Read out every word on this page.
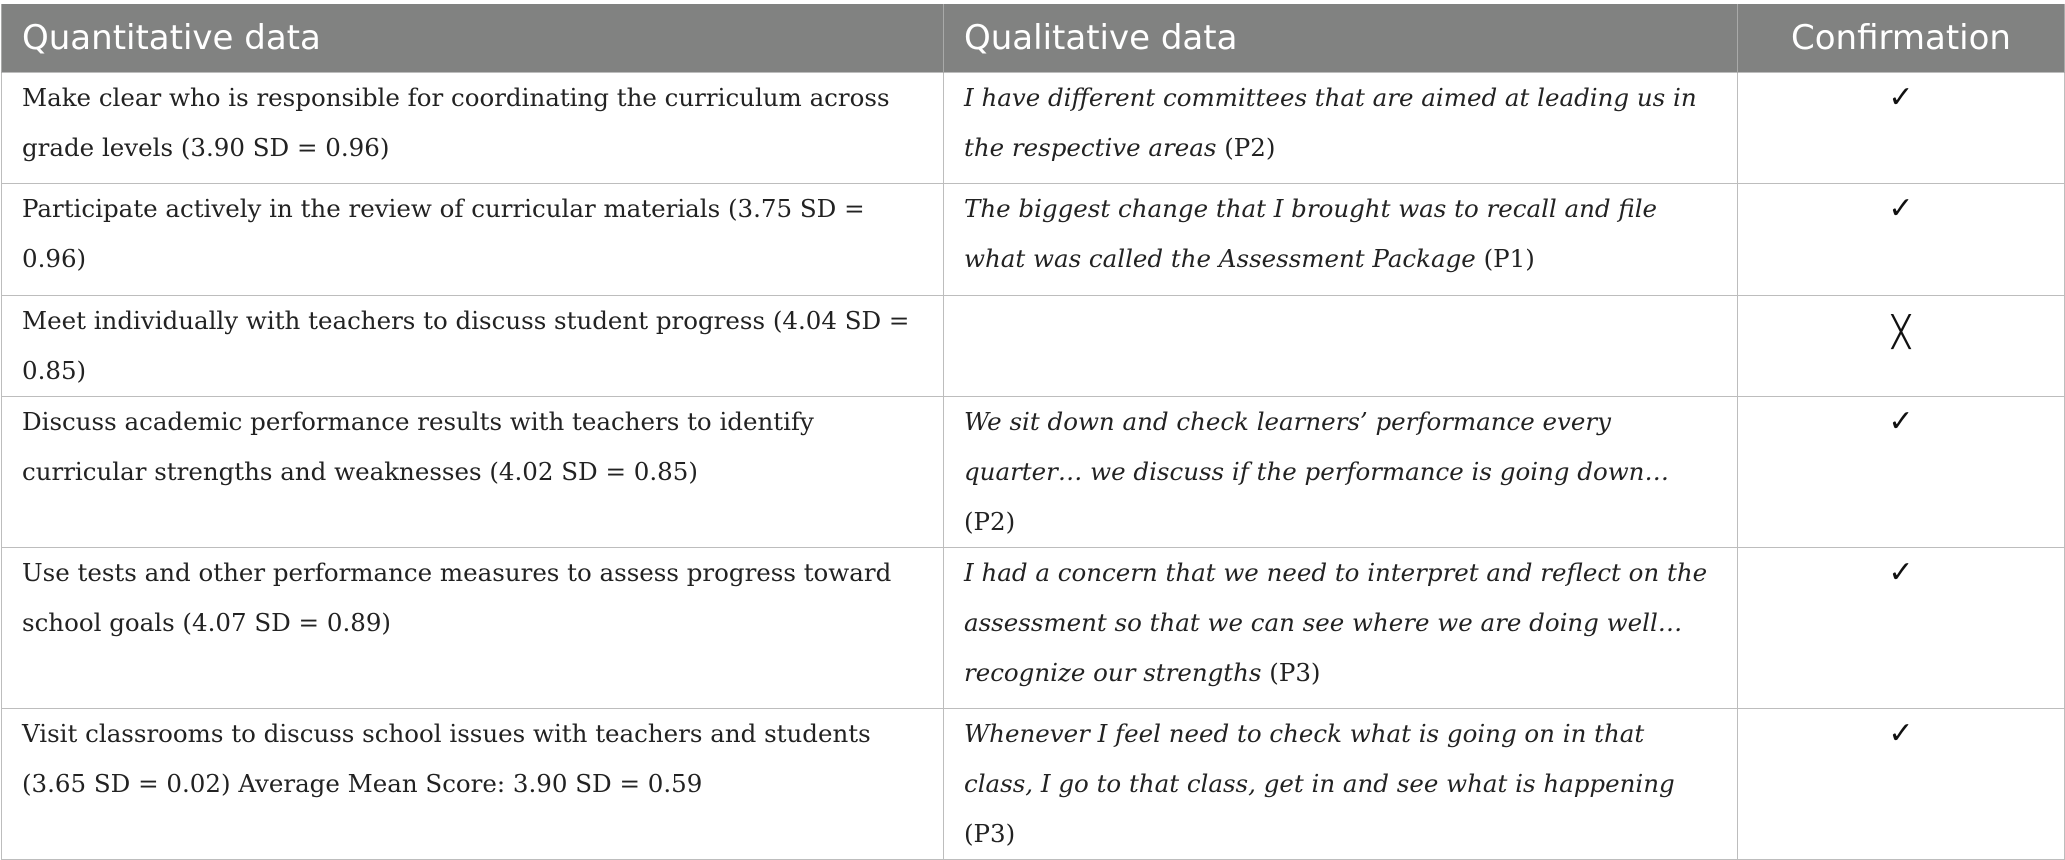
Quantitative data	Qualitative data	Confirmation
Make clear who is responsible for coordinating the curriculum across grade levels (3.90 SD = 0.96)	I have different committees that are aimed at leading us in the respective areas (P2)	✓
Participate actively in the review of curricular materials (3.75 SD = 0.96)	The biggest change that I brought was to recall and file what was called the Assessment Package (P1)	✓
Meet individually with teachers to discuss student progress (4.04 SD = 0.85)		╳
Discuss academic performance results with teachers to identify curricular strengths and weaknesses (4.02 SD = 0.85)	We sit down and check learners’ performance every quarter… we discuss if the performance is going down… (P2)	✓
Use tests and other performance measures to assess progress toward school goals (4.07 SD = 0.89)	I had a concern that we need to interpret and reflect on the assessment so that we can see where we are doing well… recognize our strengths (P3)	✓
Visit classrooms to discuss school issues with teachers and students (3.65 SD = 0.02) Average Mean Score: 3.90 SD = 0.59	Whenever I feel need to check what is going on in that class, I go to that class, get in and see what is happening (P3)	✓
